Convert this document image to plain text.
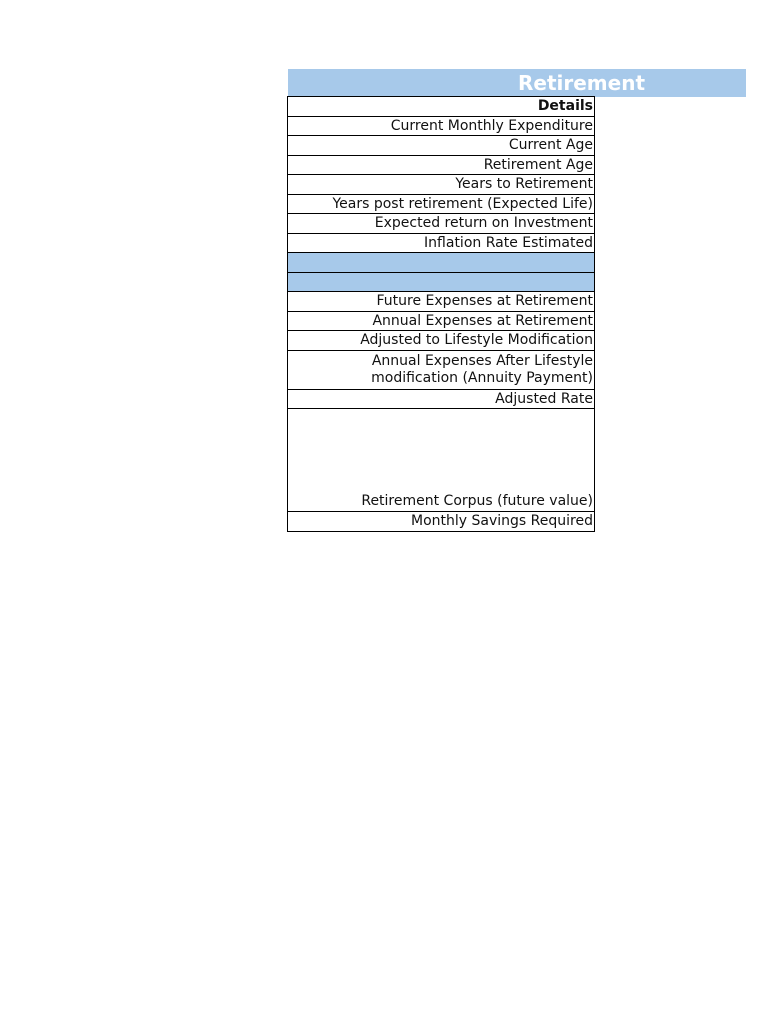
Retirement
Details
Current Monthly Expenditure
Current Age
Retirement Age
Years to Retirement
Years post retirement (Expected Life)
Expected return on Investment
Inflation Rate Estimated
Future Expenses at Retirement
Annual Expenses at Retirement
Adjusted to Lifestyle Modification
Annual Expenses After Lifestyle
modification (Annuity Payment)
Adjusted Rate
Retirement Corpus (future value)
Monthly Savings Required
